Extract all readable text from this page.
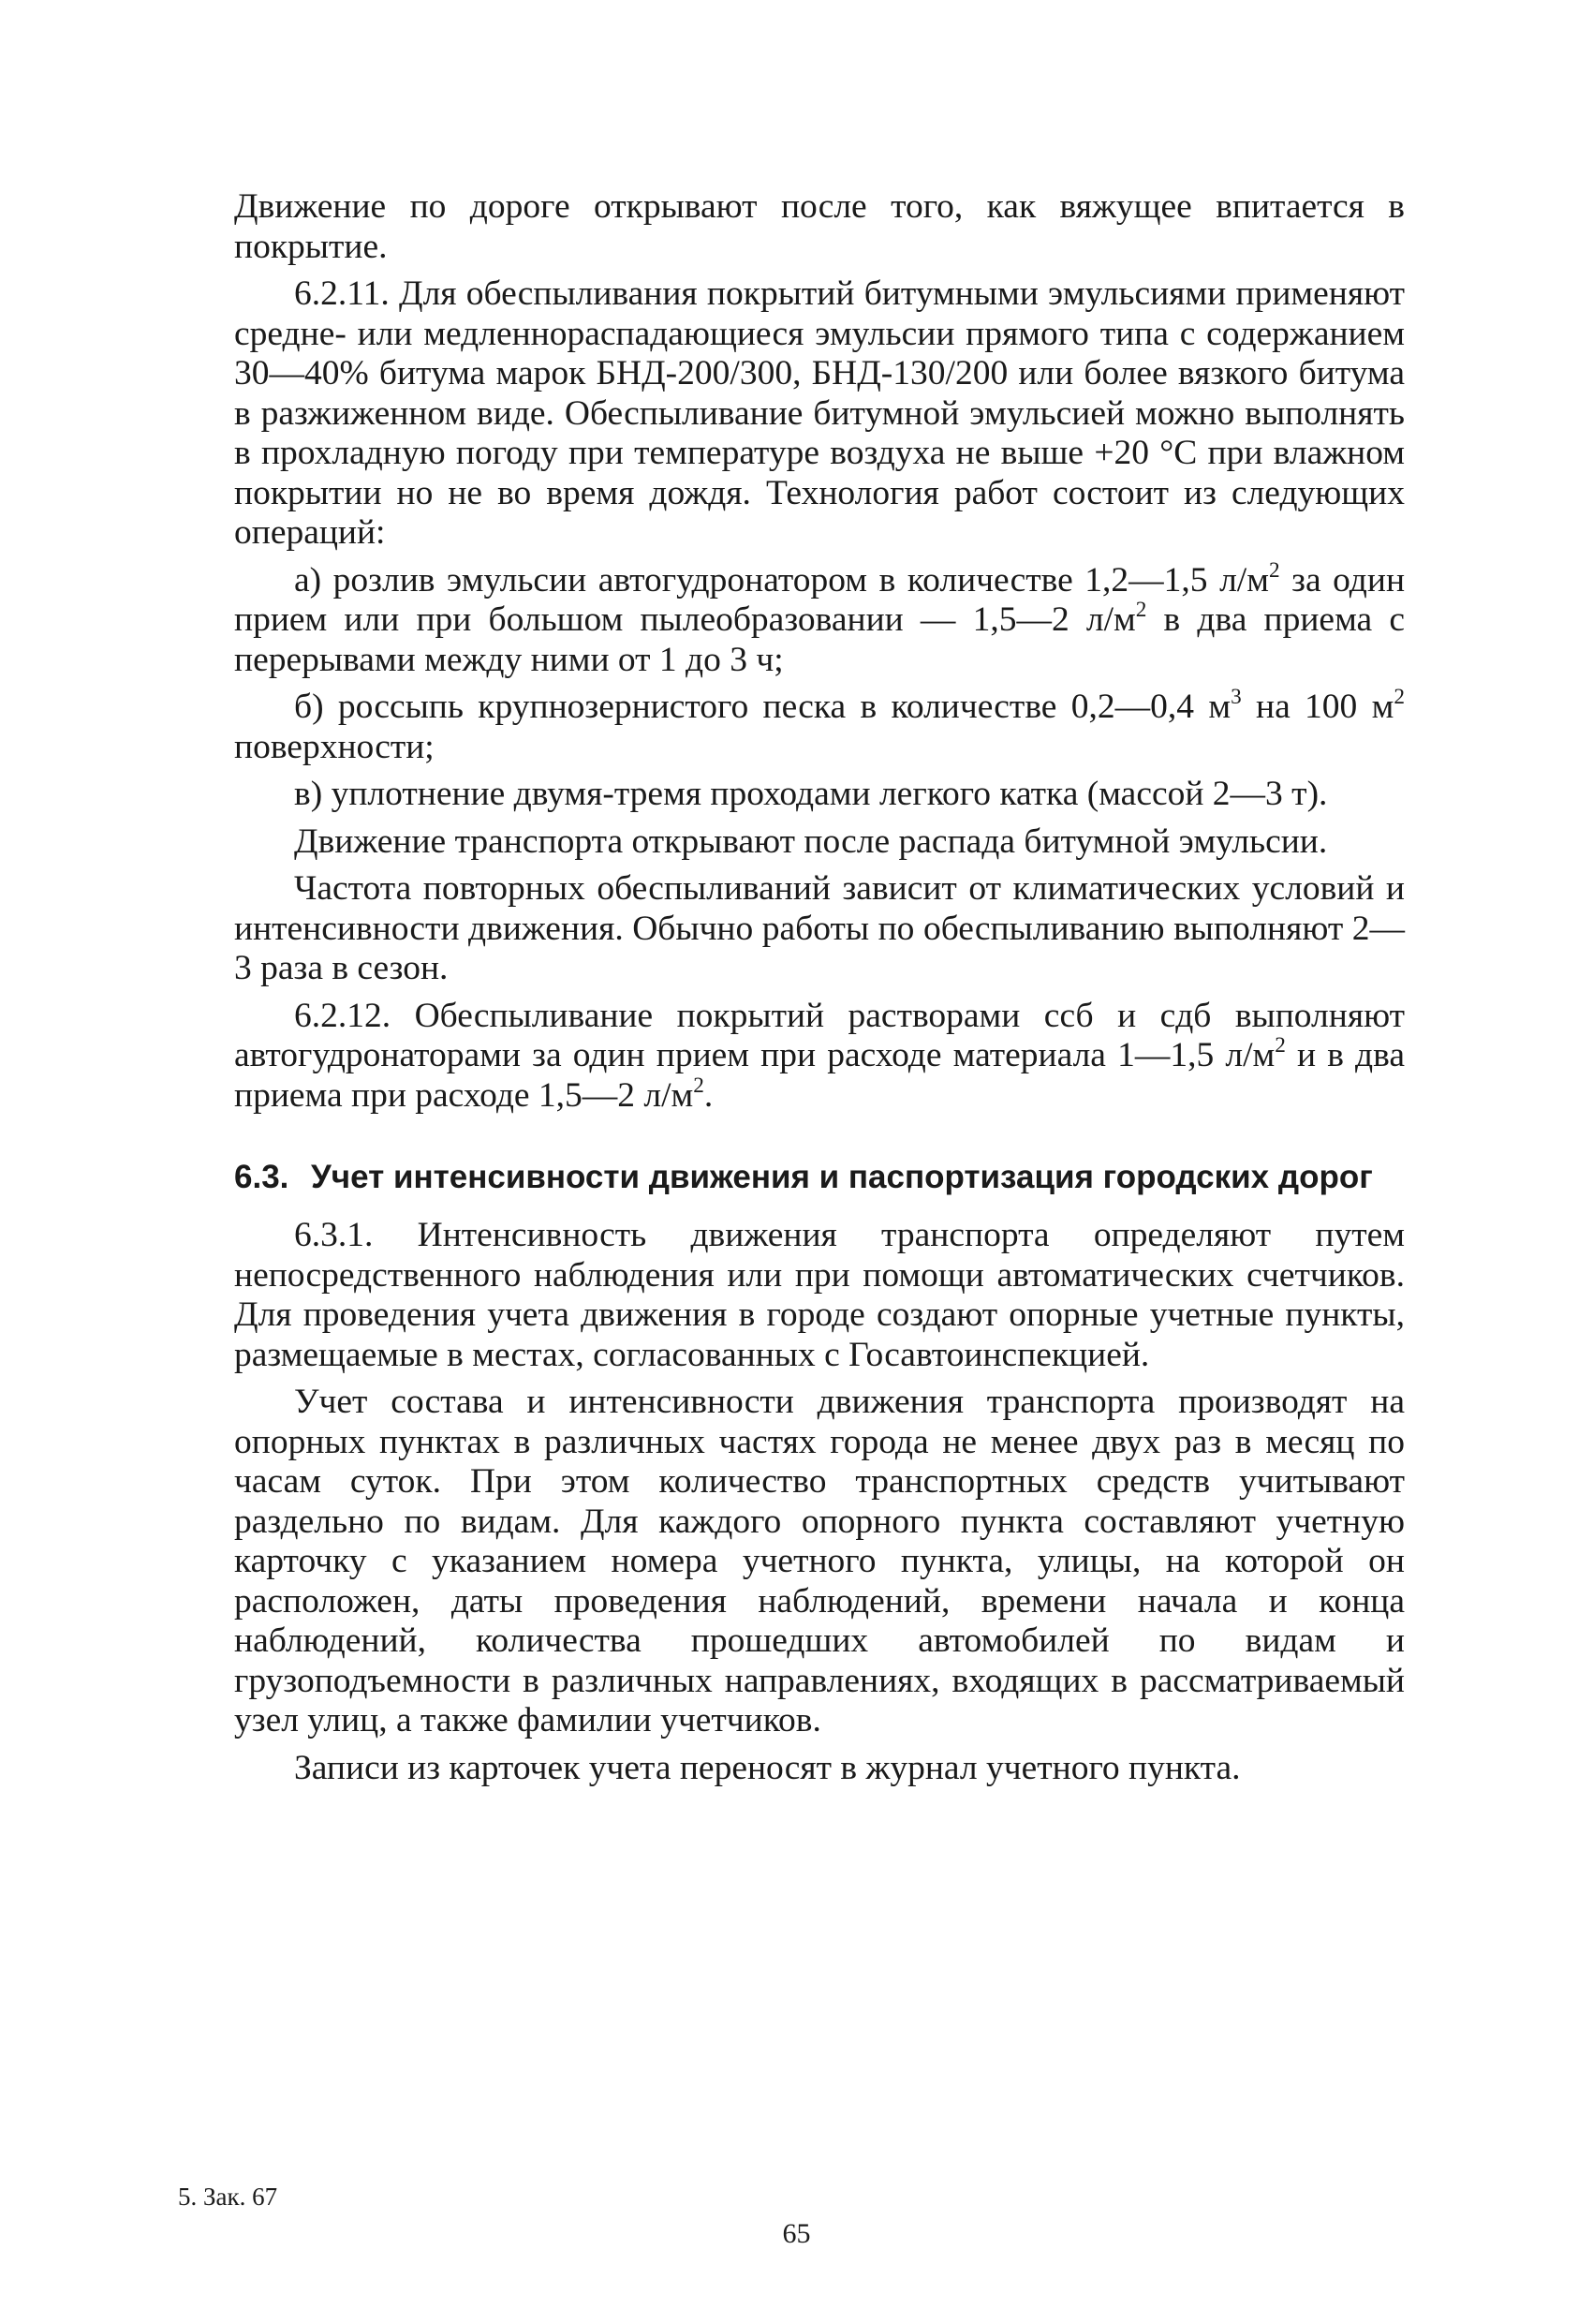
Движение по дороге открывают после того, как вяжущее впитается в покрытие.

6.2.11. Для обеспыливания покрытий битумными эмульсиями применяют средне- или медленнораспадающиеся эмульсии прямого типа с содержанием 30—40% битума марок БНД-200/300, БНД-130/200 или более вязкого битума в разжиженном виде. Обеспыливание битумной эмульсией можно выполнять в прохладную погоду при температуре воздуха не выше +20 °С при влажном покрытии но не во время дождя. Технология работ состоит из следующих операций:

а) розлив эмульсии автогудронатором в количестве 1,2—1,5 $л/м^2$ за один прием или при большом пылеобразовании — 1,5—2 $л/м^2$ в два приема с перерывами между ними от 1 до 3 ч;

б) россыпь крупнозернистого песка в количестве 0,2—0,4 $м^3$ на 100 $м^2$ поверхности;

в) уплотнение двумя-тремя проходами легкого катка (массой 2—3 т).

Движение транспорта открывают после распада битумной эмульсии.

Частота повторных обеспыливаний зависит от климатических условий и интенсивности движения. Обычно работы по обеспыливанию выполняют 2—3 раза в сезон.

6.2.12. Обеспыливание покрытий растворами ссб и сдб выполняют автогудронаторами за один прием при расходе материала 1—1,5 $л/м^2$ и в два приема при расходе 1,5—2 $л/м^2$.

6.3. Учет интенсивности движения и паспортизация городских дорог

6.3.1. Интенсивность движения транспорта определяют путем непосредственного наблюдения или при помощи автоматических счетчиков. Для проведения учета движения в городе создают опорные учетные пункты, размещаемые в местах, согласованных с Госавтоинспекцией.

Учет состава и интенсивности движения транспорта производят на опорных пунктах в различных частях города не менее двух раз в месяц по часам суток. При этом количество транспортных средств учитывают раздельно по видам. Для каждого опорного пункта составляют учетную карточку с указанием номера учетного пункта, улицы, на которой он расположен, даты проведения наблюдений, времени начала и конца наблюдений, количества прошедших автомобилей по видам и грузоподъемности в различных направлениях, входящих в рассматриваемый узел улиц, а также фамилии учетчиков.

Записи из карточек учета переносят в журнал учетного пункта.

5. Зак. 67
65
